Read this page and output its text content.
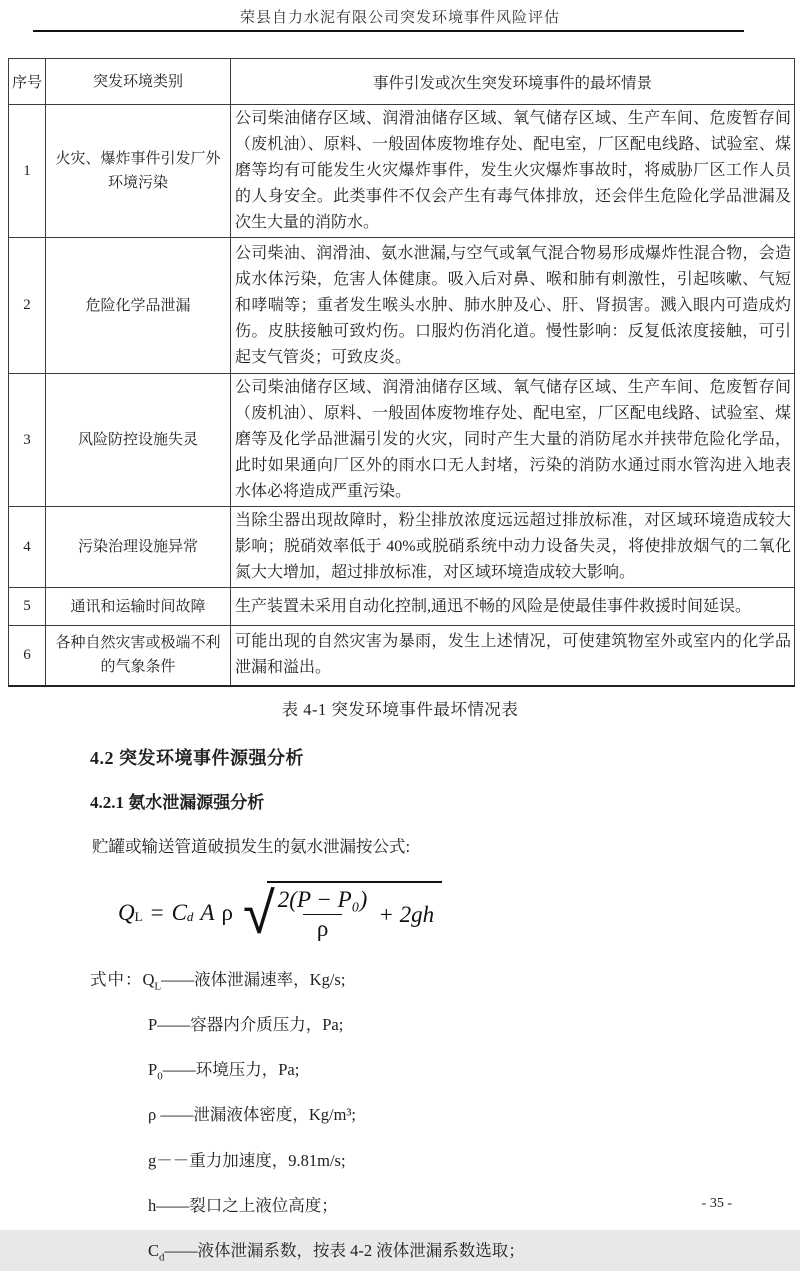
荣县自力水泥有限公司突发环境事件风险评估
序号	突发环境类别	事件引发或次生突发环境事件的最坏情景
1	火灾、爆炸事件引发厂外环境污染	公司柴油储存区域、润滑油储存区域、氧气储存区域、生产车间、危废暂存间（废机油）、原料、一般固体废物堆存处、配电室，厂区配电线路、试验室、煤磨等均有可能发生火灾爆炸事件，发生火灾爆炸事故时，将威胁厂区工作人员的人身安全。此类事件不仅会产生有毒气体排放，还会伴生危险化学品泄漏及次生大量的消防水。
2	危险化学品泄漏	公司柴油、润滑油、氨水泄漏,与空气或氧气混合物易形成爆炸性混合物，会造成水体污染，危害人体健康。吸入后对鼻、喉和肺有刺激性，引起咳嗽、气短和哮喘等；重者发生喉头水肿、肺水肿及心、肝、肾损害。溅入眼内可造成灼伤。皮肤接触可致灼伤。口服灼伤消化道。慢性影响：反复低浓度接触，可引起支气管炎；可致皮炎。
3	风险防控设施失灵	公司柴油储存区域、润滑油储存区域、氧气储存区域、生产车间、危废暂存间（废机油）、原料、一般固体废物堆存处、配电室，厂区配电线路、试验室、煤磨等及化学品泄漏引发的火灾，同时产生大量的消防尾水并挟带危险化学品，此时如果通向厂区外的雨水口无人封堵，污染的消防水通过雨水管沟进入地表水体必将造成严重污染。
4	污染治理设施异常	当除尘器出现故障时，粉尘排放浓度远远超过排放标准，对区域环境造成较大影响；脱硝效率低于 40%或脱硝系统中动力设备失灵，将使排放烟气的二氧化氮大大增加，超过排放标准，对区域环境造成较大影响。
5	通讯和运输时间故障	生产装置未采用自动化控制,通迅不畅的风险是使最佳事件救援时间延误。
6	各种自然灾害或极端不利的气象条件	可能出现的自然灾害为暴雨，发生上述情况，可使建筑物室外或室内的化学品泄漏和溢出。
表 4-1 突发环境事件最坏情况表
4.2 突发环境事件源强分析
4.2.1 氨水泄漏源强分析
贮罐或输送管道破损发生的氨水泄漏按公式:
Q L = C d A ρ √
$\frac{\text{2(P − P₀)}}{\rho} + 2gh$
式中：$Q_L——$液体泄漏速率，Kg/s;
P——容器内介质压力，Pa;
$P_0——$环境压力，Pa;
ρ ——泄漏液体密度，Kg/m³;
g－－重力加速度，9.81m/s;
h——裂口之上液位高度；
$C_d——$液体泄漏系数，按表 4-2 液体泄漏系数选取；
- 35 -
